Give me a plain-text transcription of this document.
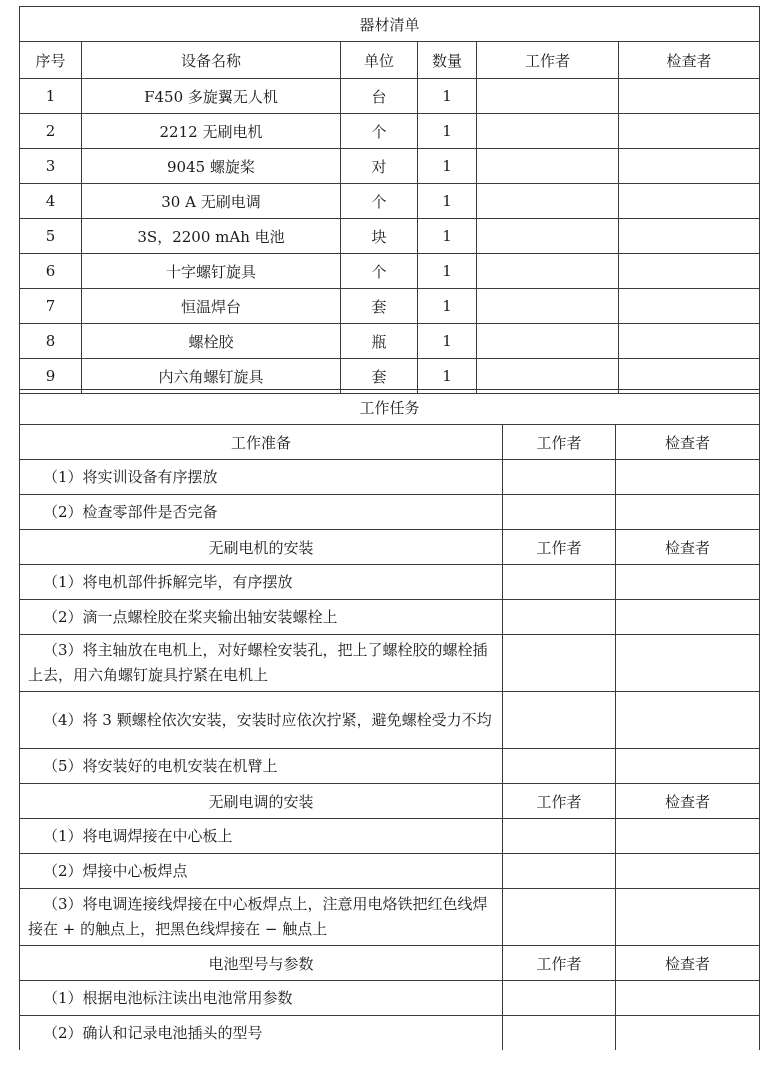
器材清单					
序号	设备名称	单位	数量	工作者	检查者
1	F450 多旋翼无人机	台	1		
2	2212 无刷电机	个	1		
3	9045 螺旋桨	对	1		
4	30 A 无刷电调	个	1		
5	3S，2200 mAh 电池	块	1		
6	十字螺钉旋具	个	1		
7	恒温焊台	套	1		
8	螺栓胶	瓶	1		
9	内六角螺钉旋具	套	1		
工作任务		
工作准备	工作者	检查者
（1）将实训设备有序摆放		
（2）检查零部件是否完备		
无刷电机的安装	工作者	检查者
（1）将电机部件拆解完毕，有序摆放		
（2）滴一点螺栓胶在桨夹输出轴安装螺栓上		
（3）将主轴放在电机上，对好螺栓安装孔，把上了螺栓胶的螺栓插上去，用六角螺钉旋具拧紧在电机上		
（4）将 3 颗螺栓依次安装，安装时应依次拧紧，避免螺栓受力不均		
（5）将安装好的电机安装在机臂上		
无刷电调的安装	工作者	检查者
（1）将电调焊接在中心板上		
（2）焊接中心板焊点		
（3）将电调连接线焊接在中心板焊点上，注意用电烙铁把红色线焊接在 + 的触点上，把黑色线焊接在 − 触点上		
电池型号与参数	工作者	检查者
（1）根据电池标注读出电池常用参数		
（2）确认和记录电池插头的型号		
